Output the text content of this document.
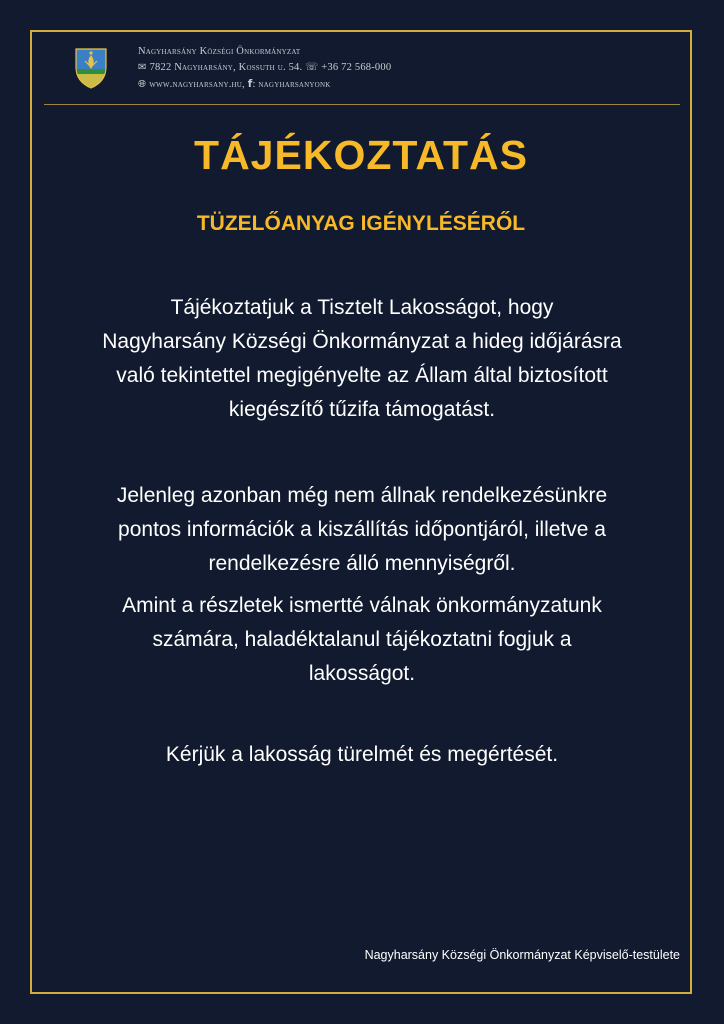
Nagyharsány Községi Önkormányzat
✉ 7822 Nagyharsány, Kossuth u. 54. ☏ +36 72 568-000
🌐︎ www.nagyharsany.hu, f: nagyharsanyonk
TÁJÉKOZTATÁS
TÜZELŐANYAG IGÉNYLÉSÉRŐL
Tájékoztatjuk a Tisztelt Lakosságot, hogy
Nagyharsány Községi Önkormányzat a hideg időjárásra
való tekintettel megigényelte az Állam által biztosított
kiegészítő tűzifa támogatást.
Jelenleg azonban még nem állnak rendelkezésünkre
pontos információk a kiszállítás időpontjáról, illetve a
rendelkezésre álló mennyiségről.
Amint a részletek ismertté válnak önkormányzatunk
számára, haladéktalanul tájékoztatni fogjuk a
lakosságot.
Kérjük a lakosság türelmét és megértését.
Nagyharsány Községi Önkormányzat Képviselő-testülete
